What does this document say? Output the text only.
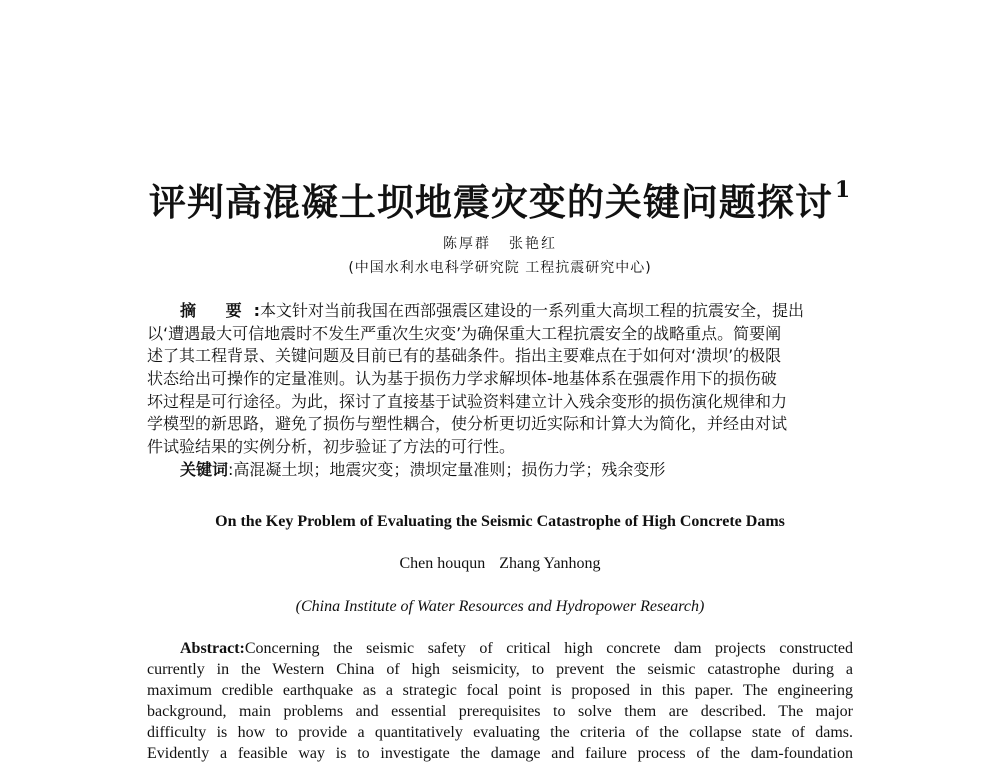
评判高混凝土坝地震灾变的关键问题探讨$^1$
陈厚群 张艳红
(中国水利水电科学研究院 工程抗震研究中心)
摘 要:本文针对当前我国在西部强震区建设的一系列重大高坝工程的抗震安全，提出
以‘遭遇最大可信地震时不发生严重次生灾变’为确保重大工程抗震安全的战略重点。简要阐
述了其工程背景、关键问题及目前已有的基础条件。指出主要难点在于如何对‘溃坝’的极限
状态给出可操作的定量准则。认为基于损伤力学求解坝体-地基体系在强震作用下的损伤破
坏过程是可行途径。为此，探讨了直接基于试验资料建立计入残余变形的损伤演化规律和力
学模型的新思路，避免了损伤与塑性耦合，使分析更切近实际和计算大为简化，并经由对试
件试验结果的实例分析，初步验证了方法的可行性。
关键词:高混凝土坝；地震灾变；溃坝定量准则；损伤力学；残余变形
On the Key Problem of Evaluating the Seismic Catastrophe of High Concrete Dams
Chen houqun Zhang Yanhong
(China Institute of Water Resources and Hydropower Research)
Abstract:Concerning the seismic safety of critical high concrete dam projects constructed
currently in the Western China of high seismicity, to prevent the seismic catastrophe during a
maximum credible earthquake as a strategic focal point is proposed in this paper. The engineering
background, main problems and essential prerequisites to solve them are described. The major
difficulty is how to provide a quantitatively evaluating the criteria of the collapse state of dams.
Evidently a feasible way is to investigate the damage and failure process of the dam-foundation
